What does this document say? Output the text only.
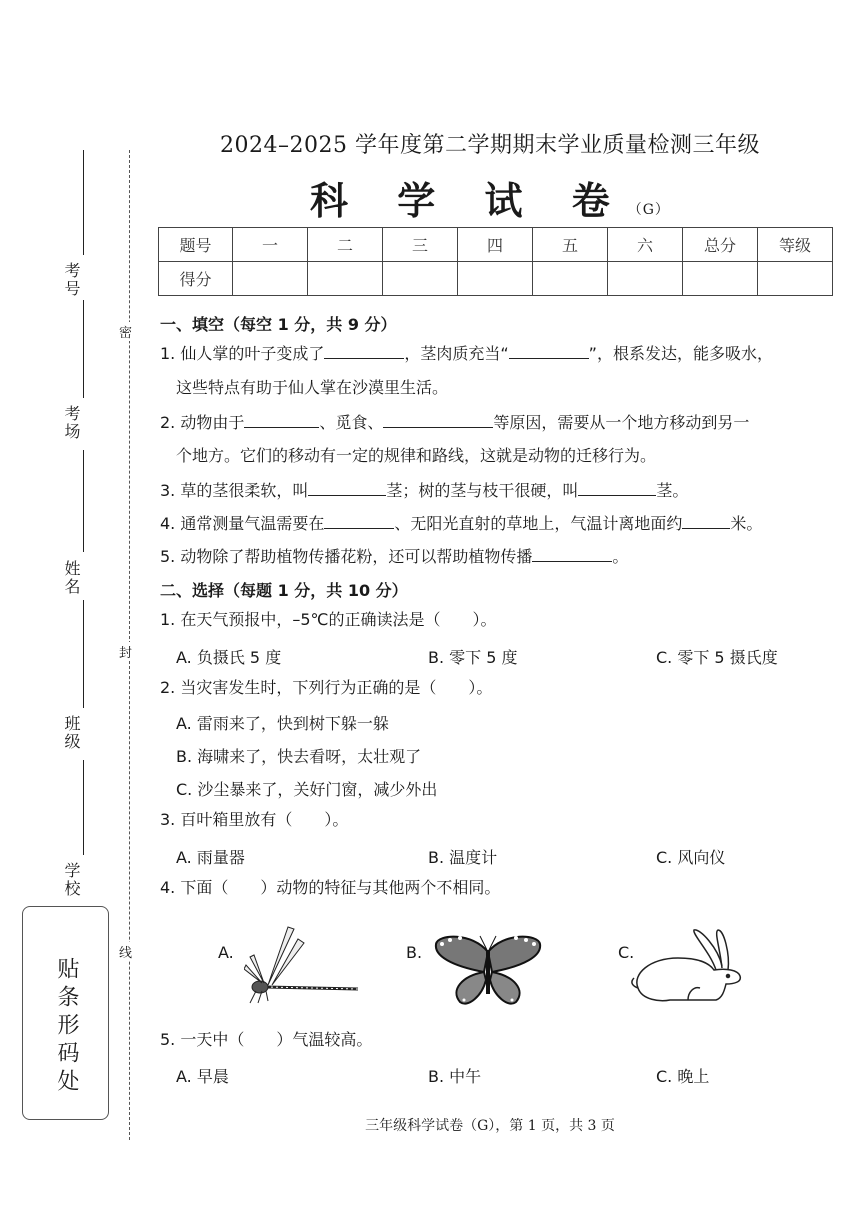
考号
考场
姓名
班级
学校
贴条形码处
密
封
线
2024–2025 学年度第二学期期末学业质量检测三年级
科 学 试 卷（G）
题号	一	二	三	四	五	六	总分	等级
得分								
一、填空（每空 1 分，共 9 分）
1. 仙人掌的叶子变成了	，茎肉质充当“	”，根系发达，能多吸水，
这些特点有助于仙人掌在沙漠里生活。
2. 动物由于	、觅食、	等原因，需要从一个地方移动到另一
个地方。它们的移动有一定的规律和路线，这就是动物的迁移行为。
3. 草的茎很柔软，叫	茎；树的茎与枝干很硬，叫	茎。
4. 通常测量气温需要在	、无阳光直射的草地上，气温计离地面约	米。
5. 动物除了帮助植物传播花粉，还可以帮助植物传播	。
二、选择（每题 1 分，共 10 分）
1. 在天气预报中，–5℃的正确读法是（　　）。
A. 负摄氏 5 度	B. 零下 5 度	C. 零下 5 摄氏度
2. 当灾害发生时，下列行为正确的是（　　）。
A. 雷雨来了，快到树下躲一躲
B. 海啸来了，快去看呀，太壮观了
C. 沙尘暴来了，关好门窗，减少外出
3. 百叶箱里放有（　　）。
A. 雨量器	B. 温度计	C. 风向仪
4. 下面（　　）动物的特征与其他两个不相同。
A.	B.	C.
5. 一天中（　　）气温较高。
A. 早晨	B. 中午	C. 晚上
三年级科学试卷（G），第 1 页，共 3 页
